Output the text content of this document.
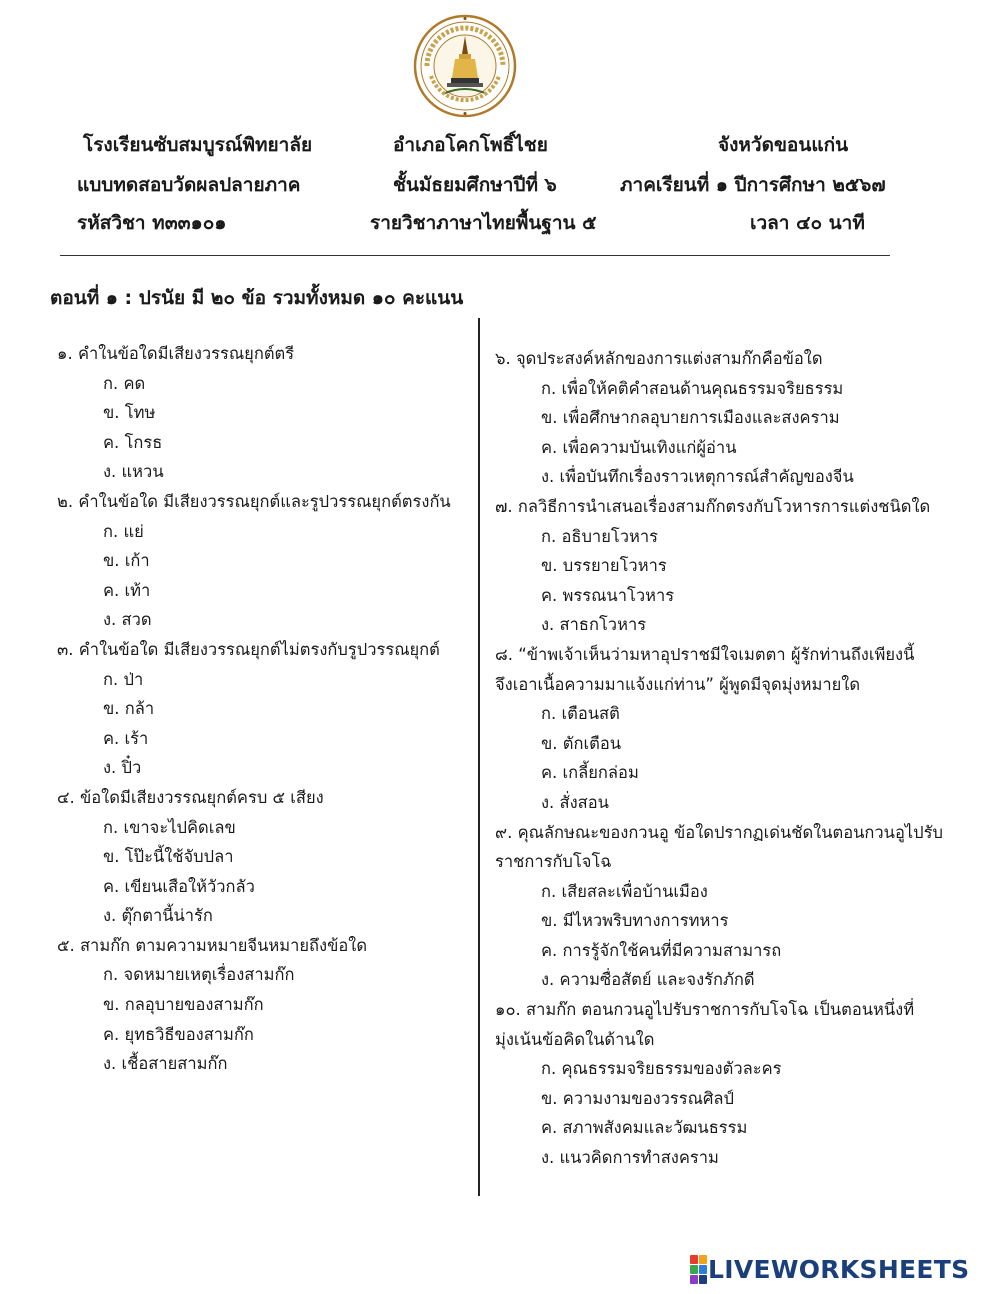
โรงเรียนซับสมบูรณ์พิทยาลัย	อำเภอโคกโพธิ์ไชย	จังหวัดขอนแก่น
แบบทดสอบวัดผลปลายภาค	ชั้นมัธยมศึกษาปีที่ ๖	ภาคเรียนที่ ๑ ปีการศึกษา ๒๕๖๗
รหัสวิชา ท๓๓๑๐๑	รายวิชาภาษาไทยพื้นฐาน ๕	เวลา ๔๐ นาที
ตอนที่ ๑ : ปรนัย มี ๒๐ ข้อ รวมทั้งหมด ๑๐ คะแนน
๑. คำในข้อใดมีเสียงวรรณยุกต์ตรี
ก. คด
ข. โทษ
ค. โกรธ
ง. แหวน
๒. คำในข้อใด มีเสียงวรรณยุกต์และรูปวรรณยุกต์ตรงกัน
ก. แย่
ข. เก้า
ค. เท้า
ง. สวด
๓. คำในข้อใด มีเสียงวรรณยุกต์ไม่ตรงกับรูปวรรณยุกต์
ก. ป่า
ข. กล้า
ค. เร้า
ง. ปิ๋ว
๔. ข้อใดมีเสียงวรรณยุกต์ครบ ๕ เสียง
ก. เขาจะไปคิดเลข
ข. โป๊ะนี้ใช้จับปลา
ค. เขียนเสือให้วัวกลัว
ง. ตุ๊กตานี้น่ารัก
๕. สามก๊ก ตามความหมายจีนหมายถึงข้อใด
ก. จดหมายเหตุเรื่องสามก๊ก
ข. กลอุบายของสามก๊ก
ค. ยุทธวิธีของสามก๊ก
ง. เชื้อสายสามก๊ก
๖. จุดประสงค์หลักของการแต่งสามก๊กคือข้อใด
ก. เพื่อให้คติคำสอนด้านคุณธรรมจริยธรรม
ข. เพื่อศึกษากลอุบายการเมืองและสงคราม
ค. เพื่อความบันเทิงแก่ผู้อ่าน
ง. เพื่อบันทึกเรื่องราวเหตุการณ์สำคัญของจีน
๗. กลวิธีการนำเสนอเรื่องสามก๊กตรงกับโวหารการแต่งชนิดใด
ก. อธิบายโวหาร
ข. บรรยายโวหาร
ค. พรรณนาโวหาร
ง. สาธกโวหาร
๘. “ข้าพเจ้าเห็นว่ามหาอุปราชมีใจเมตตา ผู้รักท่านถึงเพียงนี้
จึงเอาเนื้อความมาแจ้งแก่ท่าน” ผู้พูดมีจุดมุ่งหมายใด
ก. เตือนสติ
ข. ตักเตือน
ค. เกลี้ยกล่อม
ง. สั่งสอน
๙. คุณลักษณะของกวนอู ข้อใดปรากฏเด่นชัดในตอนกวนอูไปรับ
ราชการกับโจโฉ
ก. เสียสละเพื่อบ้านเมือง
ข. มีไหวพริบทางการทหาร
ค. การรู้จักใช้คนที่มีความสามารถ
ง. ความซื่อสัตย์ และจงรักภักดี
๑๐. สามก๊ก ตอนกวนอูไปรับราชการกับโจโฉ เป็นตอนหนึ่งที่
มุ่งเน้นข้อคิดในด้านใด
ก. คุณธรรมจริยธรรมของตัวละคร
ข. ความงามของวรรณศิลป์
ค. สภาพสังคมและวัฒนธรรม
ง. แนวคิดการทำสงคราม
LIVEWORKSHEETS
